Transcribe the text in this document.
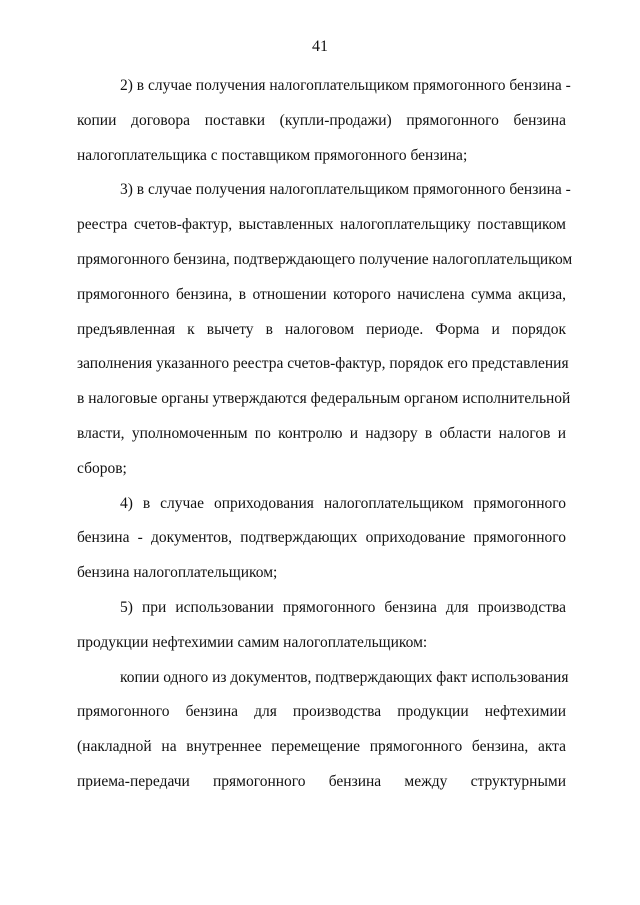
41
2) в случае получения налогоплательщиком прямогонного бензина -
копии договора поставки (купли-продажи) прямогонного бензина
налогоплательщика с поставщиком прямогонного бензина;
3) в случае получения налогоплательщиком прямогонного бензина -
реестра счетов-фактур, выставленных налогоплательщику поставщиком
прямогонного бензина, подтверждающего получение налогоплательщиком
прямогонного бензина, в отношении которого начислена сумма акциза,
предъявленная к вычету в налоговом периоде. Форма и порядок
заполнения указанного реестра счетов-фактур, порядок его представления
в налоговые органы утверждаются федеральным органом исполнительной
власти, уполномоченным по контролю и надзору в области налогов и
сборов;
4) в случае оприходования налогоплательщиком прямогонного
бензина - документов, подтверждающих оприходование прямогонного
бензина налогоплательщиком;
5) при использовании прямогонного бензина для производства
продукции нефтехимии самим налогоплательщиком:
копии одного из документов, подтверждающих факт использования
прямогонного бензина для производства продукции нефтехимии
(накладной на внутреннее перемещение прямогонного бензина, акта
приема-передачи прямогонного бензина между структурными
